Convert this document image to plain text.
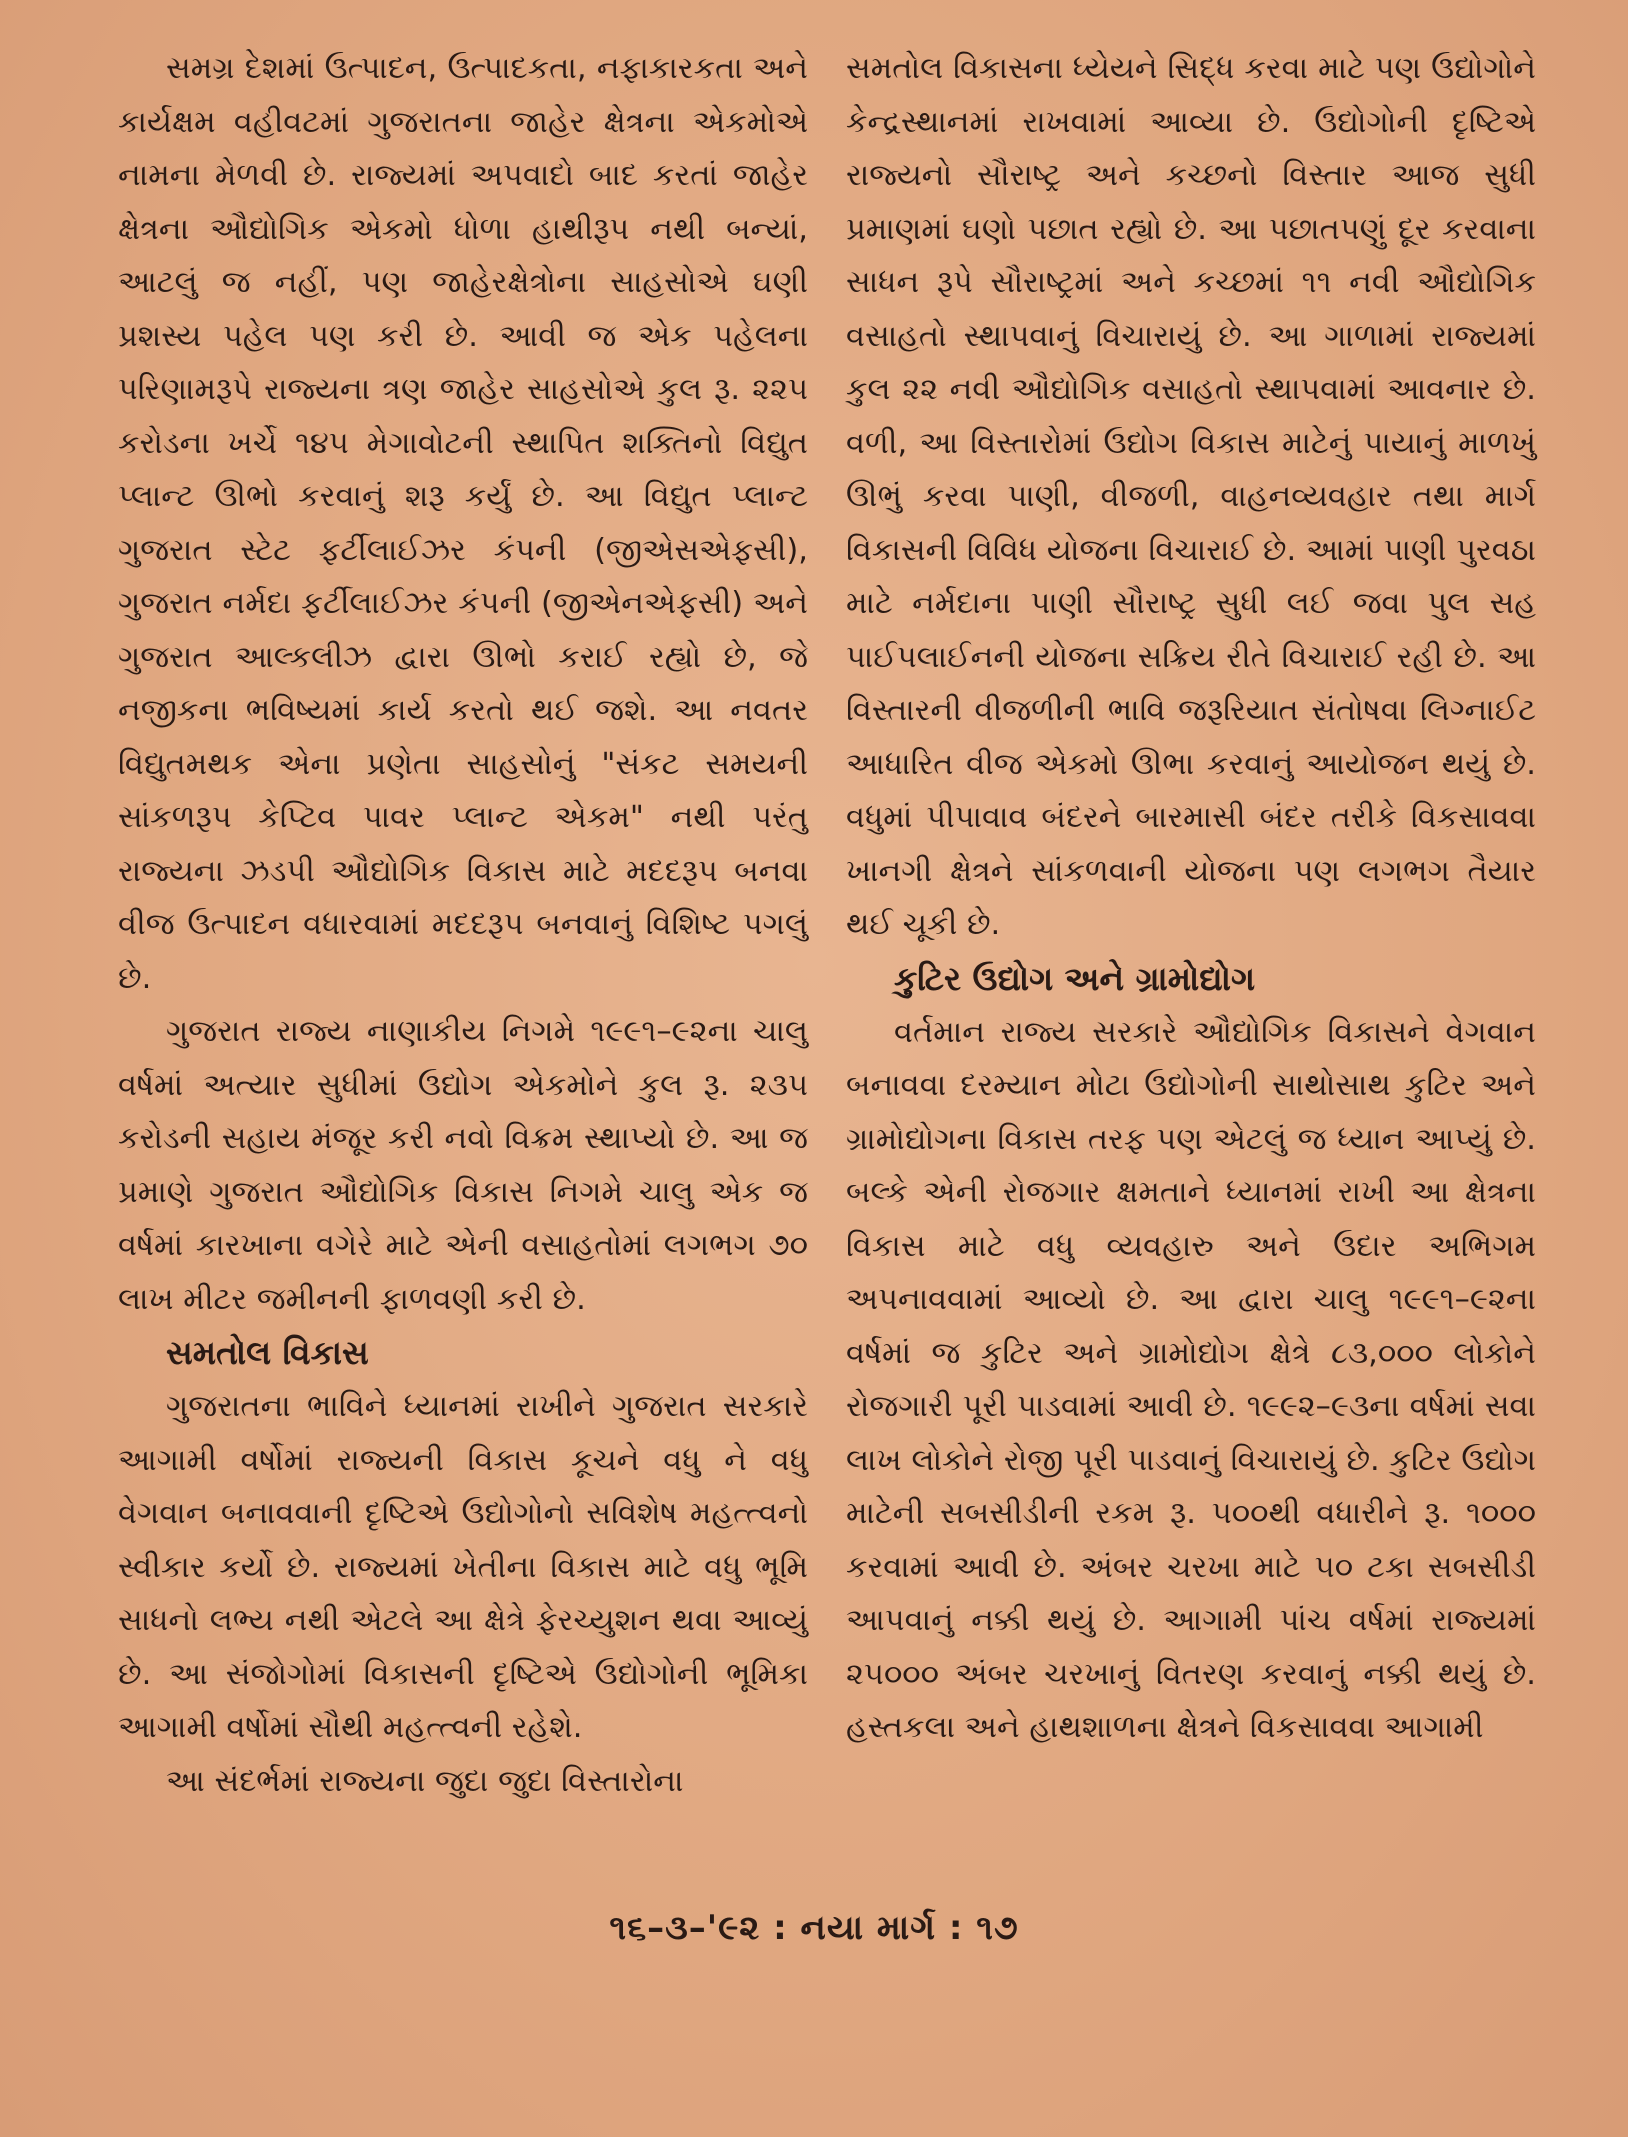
સમગ્ર દેશમાં ઉત્પાદન, ઉત્પાદકતા, નફાકારકતા અને કાર્યક્ષમ વહીવટમાં ગુજરાતના જાહેર ક્ષેત્રના એકમોએ નામના મેળવી છે. રાજ્યમાં અપવાદો બાદ કરતાં જાહેર ક્ષેત્રના ઔદ્યોગિક એકમો ધોળા હાથીરૂપ નથી બન્યાં, આટલું જ નહીં, પણ જાહેરક્ષેત્રોના સાહસોએ ઘણી પ્રશસ્ય પહેલ પણ કરી છે. આવી જ એક પહેલના પરિણામરૂપે રાજ્યના ત્રણ જાહેર સાહસોએ કુલ રૂ. ૨૨૫ કરોડના ખર્ચે ૧૪૫ મેગાવોટની સ્થાપિત શક્તિનો વિદ્યુત પ્લાન્ટ ઊભો કરવાનું શરૂ કર્યું છે. આ વિદ્યુત પ્લાન્ટ ગુજરાત સ્ટેટ ફર્ટીલાઈઝર કંપની (જીએસએફસી), ગુજરાત નર્મદા ફર્ટીલાઈઝર કંપની (જીએનએફસી) અને ગુજરાત આલ્કલીઝ દ્વારા ઊભો કરાઈ રહ્યો છે, જે નજીકના ભવિષ્યમાં કાર્ય કરતો થઈ જશે. આ નવતર વિદ્યુતમથક એના પ્રણેતા સાહસોનું "સંકટ સમયની સાંકળરૂપ કેપ્ટિવ પાવર પ્લાન્ટ એકમ" નથી પરંતુ રાજ્યના ઝડપી ઔદ્યોગિક વિકાસ માટે મદદરૂપ બનવા વીજ ઉત્પાદન વધારવામાં મદદરૂપ બનવાનું વિશિષ્ટ પગલું છે.

ગુજરાત રાજ્ય નાણાકીય નિગમે ૧૯૯૧–૯૨ના ચાલુ વર્ષમાં અત્યાર સુધીમાં ઉદ્યોગ એકમોને કુલ રૂ. ૨૩૫ કરોડની સહાય મંજૂર કરી નવો વિક્રમ સ્થાપ્યો છે. આ જ પ્રમાણે ગુજરાત ઔદ્યોગિક વિકાસ નિગમે ચાલુ એક જ વર્ષમાં કારખાના વગેરે માટે એની વસાહતોમાં લગભગ ૭૦ લાખ મીટર જમીનની ફાળવણી કરી છે.

સમતોલ વિકાસ

ગુજરાતના ભાવિને ધ્યાનમાં રાખીને ગુજરાત સરકારે આગામી વર્ષોમાં રાજ્યની વિકાસ કૂચને વધુ ને વધુ વેગવાન બનાવવાની દૃષ્ટિએ ઉદ્યોગોનો સવિશેષ મહત્ત્વનો સ્વીકાર કર્યો છે. રાજ્યમાં ખેતીના વિકાસ માટે વધુ ભૂમિ સાધનો લભ્ય નથી એટલે આ ક્ષેત્રે ફેરચ્યુશન થવા આવ્યું છે. આ સંજોગોમાં વિકાસની દૃષ્ટિએ ઉદ્યોગોની ભૂમિકા આગામી વર્ષોમાં સૌથી મહત્ત્વની રહેશે.

આ સંદર્ભમાં રાજ્યના જુદા જુદા વિસ્તારોના

સમતોલ વિકાસના ધ્યેયને સિદ્ધ કરવા માટે પણ ઉદ્યોગોને કેન્દ્રસ્થાનમાં રાખવામાં આવ્યા છે. ઉદ્યોગોની દૃષ્ટિએ રાજ્યનો સૌરાષ્ટ્ર અને કચ્છનો વિસ્તાર આજ સુધી પ્રમાણમાં ઘણો પછાત રહ્યો છે. આ પછાતપણું દૂર કરવાના સાધન રૂપે સૌરાષ્ટ્રમાં અને કચ્છમાં ૧૧ નવી ઔદ્યોગિક વસાહતો સ્થાપવાનું વિચારાયું છે. આ ગાળામાં રાજ્યમાં કુલ ૨૨ નવી ઔદ્યોગિક વસાહતો સ્થાપવામાં આવનાર છે. વળી, આ વિસ્તારોમાં ઉદ્યોગ વિકાસ માટેનું પાયાનું માળખું ઊભું કરવા પાણી, વીજળી, વાહનવ્યવહાર તથા માર્ગ વિકાસની વિવિધ યોજના વિચારાઈ છે. આમાં પાણી પુરવઠા માટે નર્મદાના પાણી સૌરાષ્ટ્ર સુધી લઈ જવા પુલ સહ પાઈપલાઈનની યોજના સક્રિય રીતે વિચારાઈ રહી છે. આ વિસ્તારની વીજળીની ભાવિ જરૂરિયાત સંતોષવા લિગ્નાઈટ આધારિત વીજ એકમો ઊભા કરવાનું આયોજન થયું છે. વધુમાં પીપાવાવ બંદરને બારમાસી બંદર તરીકે વિકસાવવા ખાનગી ક્ષેત્રને સાંકળવાની યોજના પણ લગભગ તૈયાર થઈ ચૂકી છે.

કુટિર ઉદ્યોગ અને ગ્રામોદ્યોગ

વર્તમાન રાજ્ય સરકારે ઔદ્યોગિક વિકાસને વેગવાન બનાવવા દરમ્યાન મોટા ઉદ્યોગોની સાથોસાથ કુટિર અને ગ્રામોદ્યોગના વિકાસ તરફ પણ એટલું જ ધ્યાન આપ્યું છે. બલ્કે એની રોજગાર ક્ષમતાને ધ્યાનમાં રાખી આ ક્ષેત્રના વિકાસ માટે વધુ વ્યવહારુ અને ઉદાર અભિગમ અપનાવવામાં આવ્યો છે. આ દ્વારા ચાલુ ૧૯૯૧–૯૨ના વર્ષમાં જ કુટિર અને ગ્રામોદ્યોગ ક્ષેત્રે ૮૩,૦૦૦ લોકોને રોજગારી પૂરી પાડવામાં આવી છે. ૧૯૯૨–૯૩ના વર્ષમાં સવા લાખ લોકોને રોજી પૂરી પાડવાનું વિચારાયું છે. કુટિર ઉદ્યોગ માટેની સબસીડીની રકમ રૂ. ૫૦૦થી વધારીને રૂ. ૧૦૦૦ કરવામાં આવી છે. અંબર ચરખા માટે ૫૦ ટકા સબસીડી આપવાનું નક્કી થયું છે. આગામી પાંચ વર્ષમાં રાજ્યમાં ૨૫૦૦૦ અંબર ચરખાનું વિતરણ કરવાનું નક્કી થયું છે. હસ્તકલા અને હાથશાળના ક્ષેત્રને વિકસાવવા આગામી

૧૬–૩–'૯૨ : નયા માર્ગ : ૧૭
